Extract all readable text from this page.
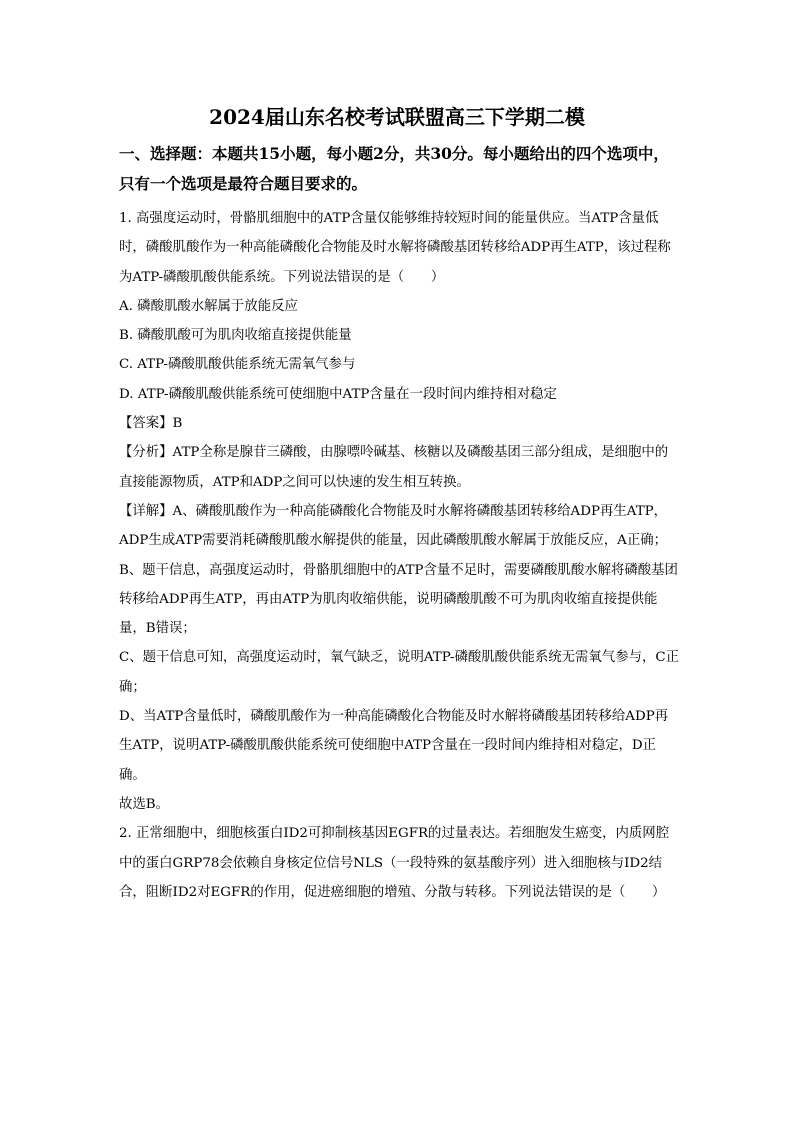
2024届山东名校考试联盟高三下学期二模
一、选择题：本题共15小题，每小题2分，共30分。每小题给出的四个选项中，只有一个选项是最符合题目要求的。

1. 高强度运动时，骨骼肌细胞中的ATP含量仅能够维持较短时间的能量供应。当ATP含量低时，磷酸肌酸作为一种高能磷酸化合物能及时水解将磷酸基团转移给ADP再生ATP，该过程称为ATP-磷酸肌酸供能系统。下列说法错误的是（　　）

A. 磷酸肌酸水解属于放能反应

B. 磷酸肌酸可为肌肉收缩直接提供能量

C. ATP-磷酸肌酸供能系统无需氧气参与

D. ATP-磷酸肌酸供能系统可使细胞中ATP含量在一段时间内维持相对稳定

【答案】B

【分析】ATP全称是腺苷三磷酸，由腺嘌呤碱基、核糖以及磷酸基团三部分组成，是细胞中的直接能源物质，ATP和ADP之间可以快速的发生相互转换。

【详解】A、磷酸肌酸作为一种高能磷酸化合物能及时水解将磷酸基团转移给ADP再生ATP，ADP生成ATP需要消耗磷酸肌酸水解提供的能量，因此磷酸肌酸水解属于放能反应，A正确；

B、题干信息，高强度运动时，骨骼肌细胞中的ATP含量不足时，需要磷酸肌酸水解将磷酸基团转移给ADP再生ATP，再由ATP为肌肉收缩供能，说明磷酸肌酸不可为肌肉收缩直接提供能量，B错误；

C、题干信息可知，高强度运动时，氧气缺乏，说明ATP-磷酸肌酸供能系统无需氧气参与，C正确；

D、当ATP含量低时，磷酸肌酸作为一种高能磷酸化合物能及时水解将磷酸基团转移给ADP再生ATP，说明ATP-磷酸肌酸供能系统可使细胞中ATP含量在一段时间内维持相对稳定，D正确。

故选B。

2. 正常细胞中，细胞核蛋白ID2可抑制核基因EGFR的过量表达。若细胞发生癌变，内质网腔中的蛋白GRP78会依赖自身核定位信号NLS（一段特殊的氨基酸序列）进入细胞核与ID2结合，阻断ID2对EGFR的作用，促进癌细胞的增殖、分散与转移。下列说法错误的是（　　）
